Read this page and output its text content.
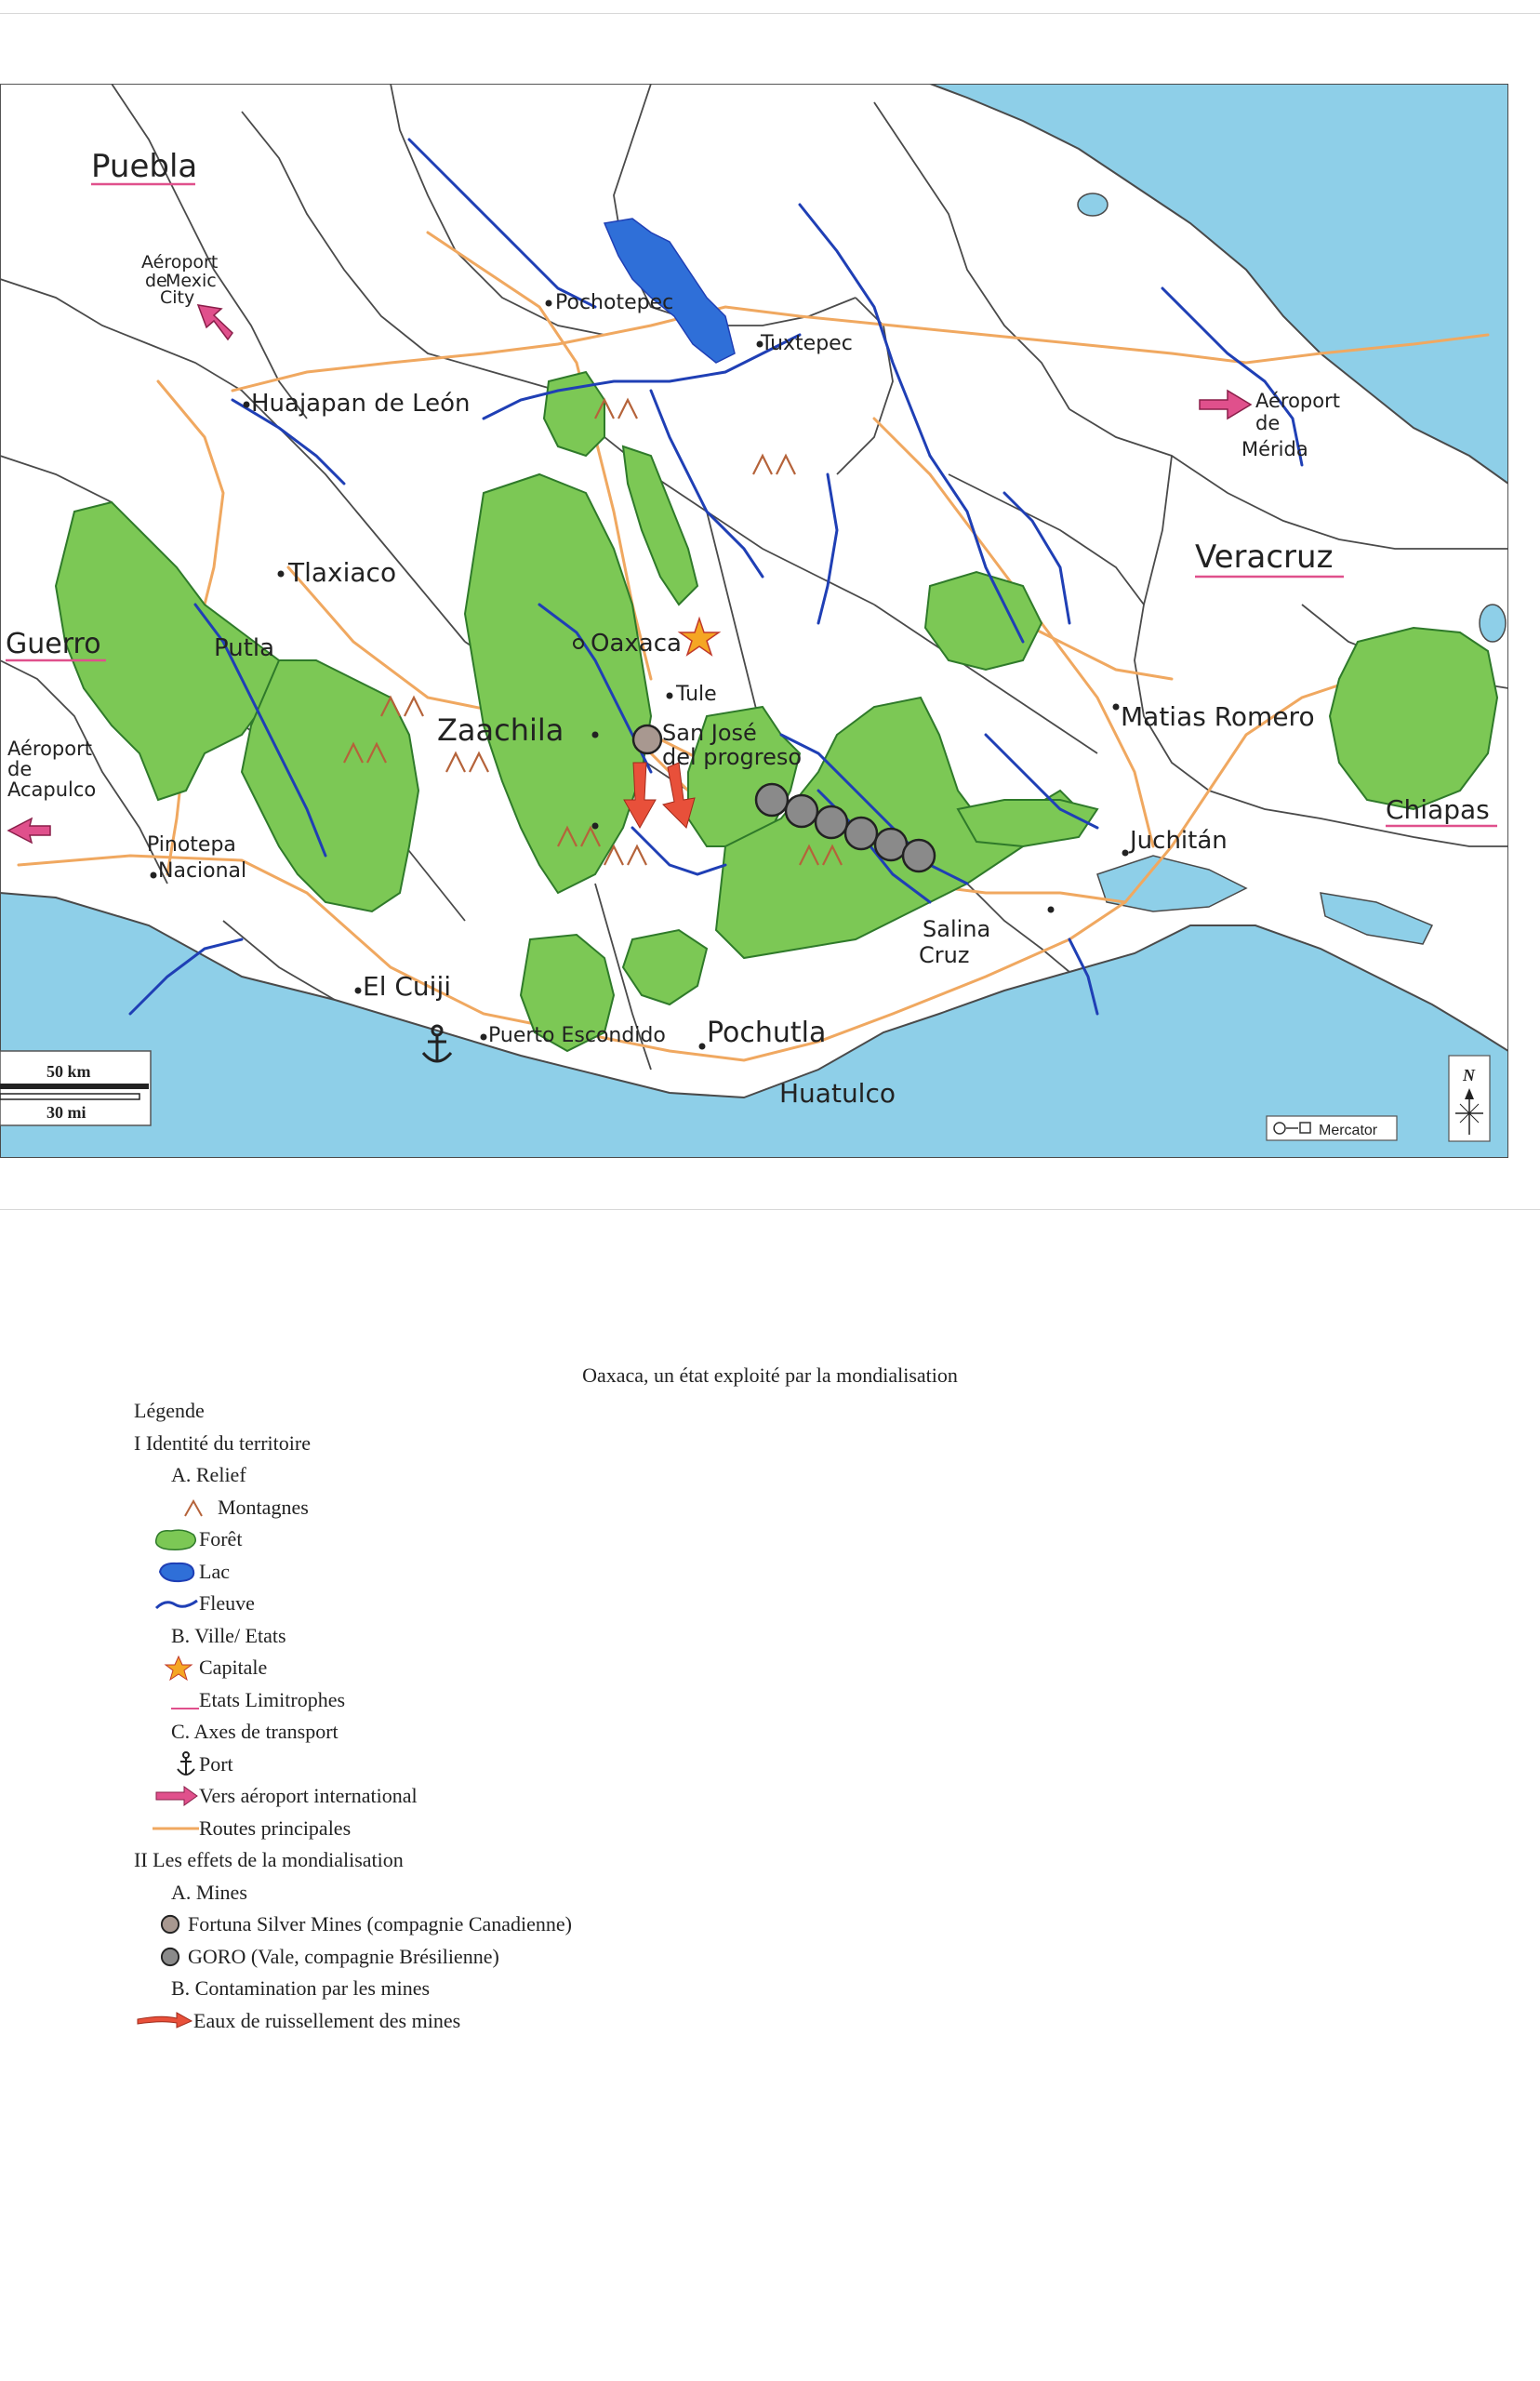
Puebla
Guerro
Veracruz
Chiapas
Pochotepec
Tuxtepec
Huajapan de León
Tlaxiaco
Putla	Oaxaca
Tule
Zaachila	San José
del progreso
Pinotepa
Nacional
Matias Romero
Juchitán
Salina
Cruz
El Cuiji
Puerto Escondido Pochutla
Huatulco
Aéroport
de
Mexic
City
Aéroport
de
Acapulco
Aéroport
de
Mérida
50 km
30 mi
Mercator
N
Oaxaca, un état exploité par la mondialisation
Légende
I Identité du territoire
A. Relief
Montagnes
Forêt
Lac
Fleuve
B. Ville/ Etats
Capitale
Etats Limitrophes
C. Axes de transport
Port
Vers aéroport international
Routes principales
II Les effets de la mondialisation
A. Mines
Fortuna Silver Mines (compagnie Canadienne)
GORO (Vale, compagnie Brésilienne)
B. Contamination par les mines
Eaux de ruissellement des mines
